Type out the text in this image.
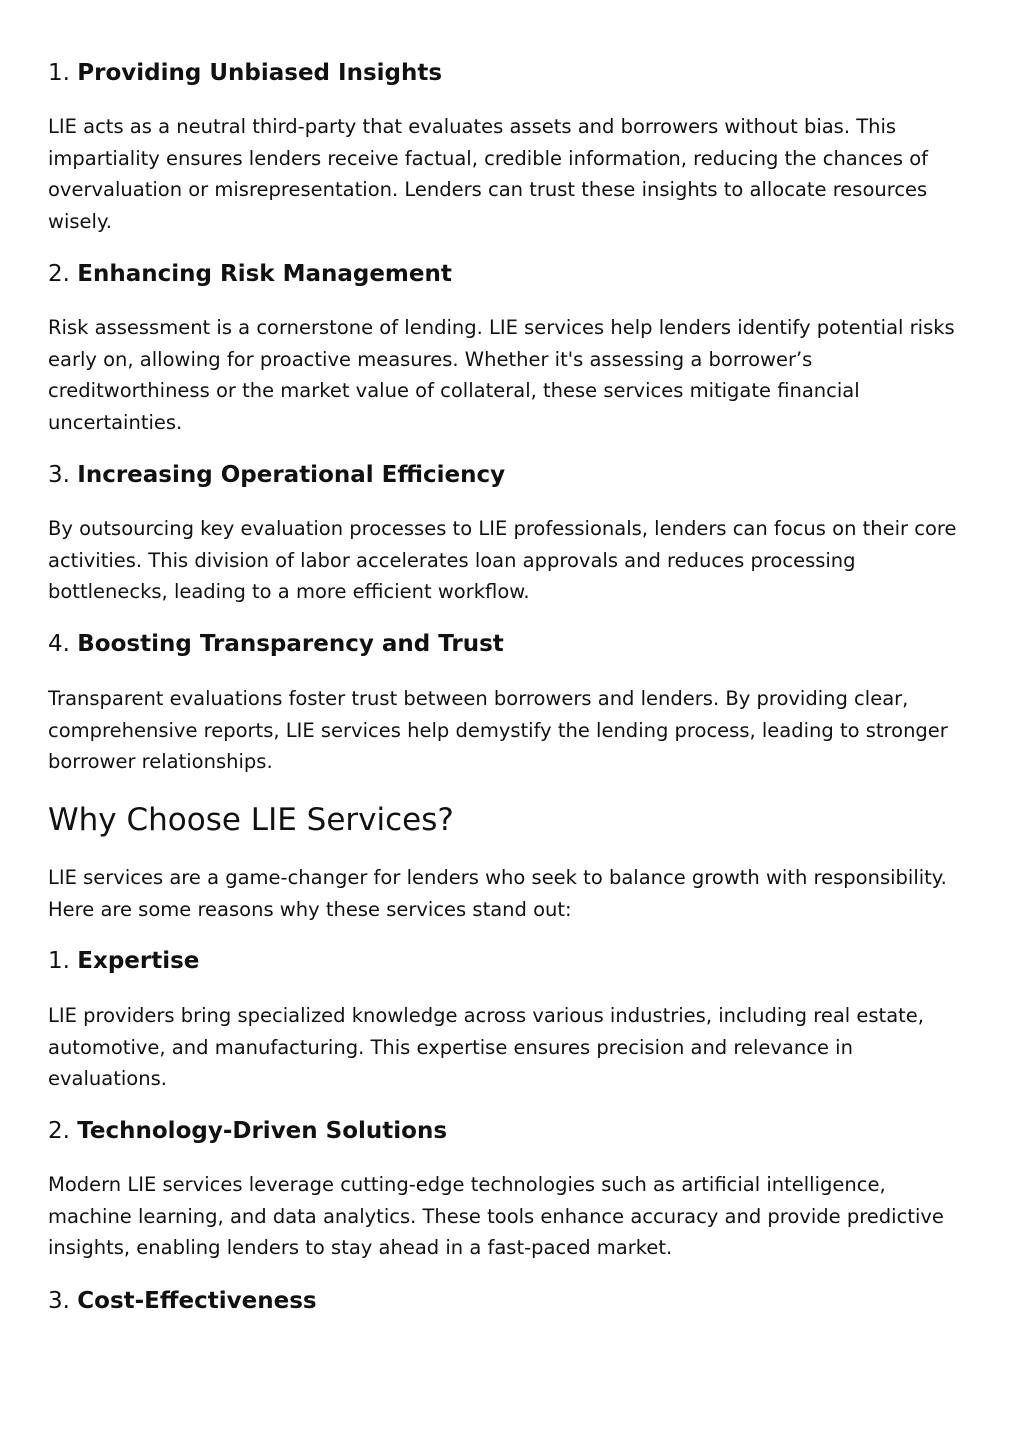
1. Providing Unbiased Insights

LIE acts as a neutral third-party that evaluates assets and borrowers without bias. This impartiality ensures lenders receive factual, credible information, reducing the chances of overvaluation or misrepresentation. Lenders can trust these insights to allocate resources wisely.

2. Enhancing Risk Management

Risk assessment is a cornerstone of lending. LIE services help lenders identify potential risks early on, allowing for proactive measures. Whether it's assessing a borrower’s creditworthiness or the market value of collateral, these services mitigate financial uncertainties.

3. Increasing Operational Efficiency

By outsourcing key evaluation processes to LIE professionals, lenders can focus on their core activities. This division of labor accelerates loan approvals and reduces processing bottlenecks, leading to a more efficient workflow.

4. Boosting Transparency and Trust

Transparent evaluations foster trust between borrowers and lenders. By providing clear, comprehensive reports, LIE services help demystify the lending process, leading to stronger borrower relationships.

Why Choose LIE Services?

LIE services are a game-changer for lenders who seek to balance growth with responsibility. Here are some reasons why these services stand out:

1. Expertise

LIE providers bring specialized knowledge across various industries, including real estate, automotive, and manufacturing. This expertise ensures precision and relevance in evaluations.

2. Technology-Driven Solutions

Modern LIE services leverage cutting-edge technologies such as artificial intelligence, machine learning, and data analytics. These tools enhance accuracy and provide predictive insights, enabling lenders to stay ahead in a fast-paced market.

3. Cost-Effectiveness
